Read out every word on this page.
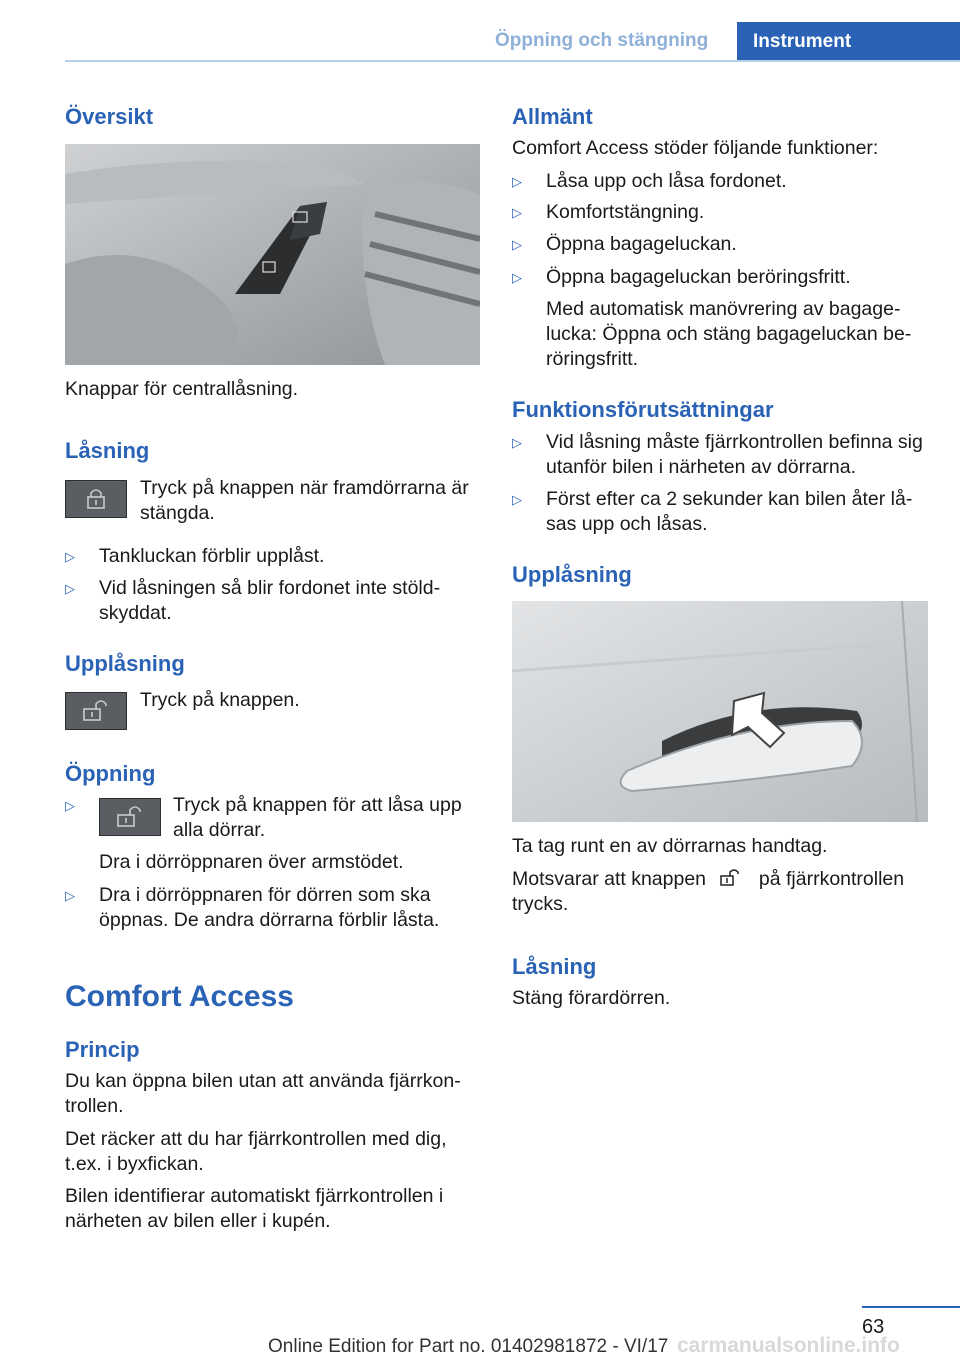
Öppning och stängning	Instrument
Översikt
Knappar för centrallåsning.
Låsning
Tryck på knappen när framdörrarna är stängda.
▷ Tankluckan förblir upplåst.
▷ Vid låsningen så blir fordonet inte stöldskyddat.
Upplåsning
Tryck på knappen.
Öppning
▷	Tryck på knappen för att låsa upp alla dörrar.
Dra i dörröppnaren över armstödet.
▷ Dra i dörröppnaren för dörren som ska öppnas. De andra dörrarna förblir låsta.
Comfort Access
Princip
Du kan öppna bilen utan att använda fjärrkontrollen.
Det räcker att du har fjärrkontrollen med dig, t.ex. i byxfickan.
Bilen identifierar automatiskt fjärrkontrollen i närheten av bilen eller i kupén.
Allmänt
Comfort Access stöder följande funktioner:
▷ Låsa upp och låsa fordonet.
▷ Komfortstängning.
▷ Öppna bagageluckan.
▷ Öppna bagageluckan beröringsfritt.
Med automatisk manövrering av bagagelucka: Öppna och stäng bagageluckan beröringsfritt.
Funktionsförutsättningar
▷ Vid låsning måste fjärrkontrollen befinna sig utanför bilen i närheten av dörrarna.
▷ Först efter ca 2 sekunder kan bilen åter låsas upp och låsas.
Upplåsning
Ta tag runt en av dörrarnas handtag.
Motsvarar att knappen	på fjärrkontrollen trycks.
Låsning
Stäng förardörren.
63
Online Edition for Part no. 01402981872 - VI/17 carmanualsonline.info
